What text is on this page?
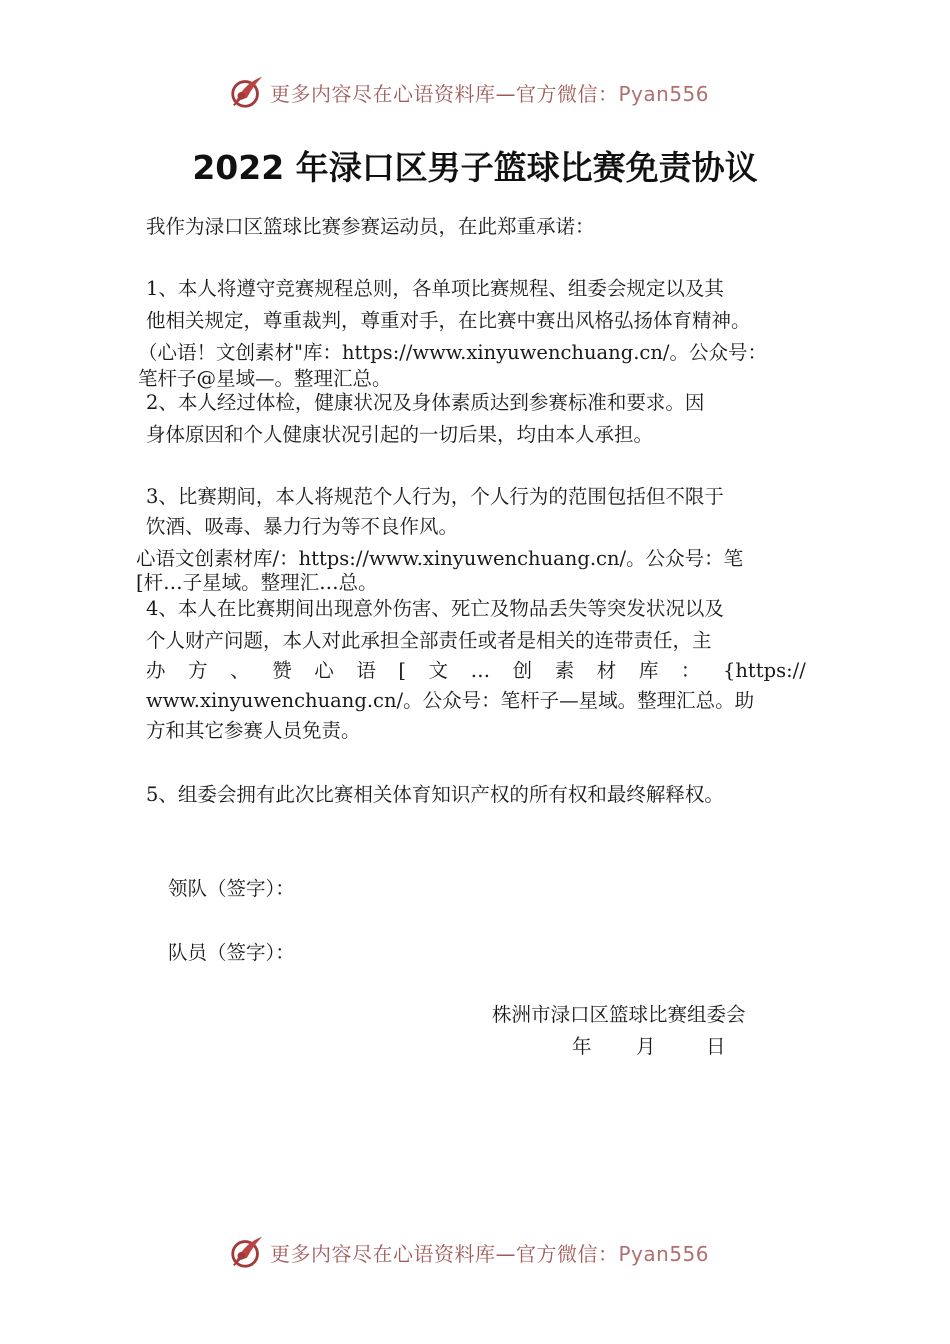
更多内容尽在心语资料库—官方微信：Pyan556
2022 年渌口区男子篮球比赛免责协议
我作为渌口区篮球比赛参赛运动员，在此郑重承诺：
1、本人将遵守竞赛规程总则，各单项比赛规程、组委会规定以及其
他相关规定，尊重裁判，尊重对手，在比赛中赛出风格弘扬体育精神。
（心语！文创素材"库：https://www.xinyuwenchuang.cn/。公众号：
笔杆子@星域—。整理汇总。
2、本人经过体检，健康状况及身体素质达到参赛标准和要求。因
身体原因和个人健康状况引起的一切后果，均由本人承担。
3、比赛期间，本人将规范个人行为，个人行为的范围包括但不限于
饮酒、吸毒、暴力行为等不良作风。
心语文创素材库/：https://www.xinyuwenchuang.cn/。公众号：笔
[杆…子星域。整理汇…总。
4、本人在比赛期间出现意外伤害、死亡及物品丢失等突发状况以及
个人财产问题，本人对此承担全部责任或者是相关的连带责任，主
办 方 、 赞 心 语 [ 文 … 创 素 材 库 ： {https://
www.xinyuwenchuang.cn/。公众号：笔杆子—星域。整理汇总。助
方和其它参赛人员免责。
5、组委会拥有此次比赛相关体育知识产权的所有权和最终解释权。
领队（签字）：
队员（签字）：
株洲市渌口区篮球比赛组委会
年 月	日
更多内容尽在心语资料库—官方微信：Pyan556
